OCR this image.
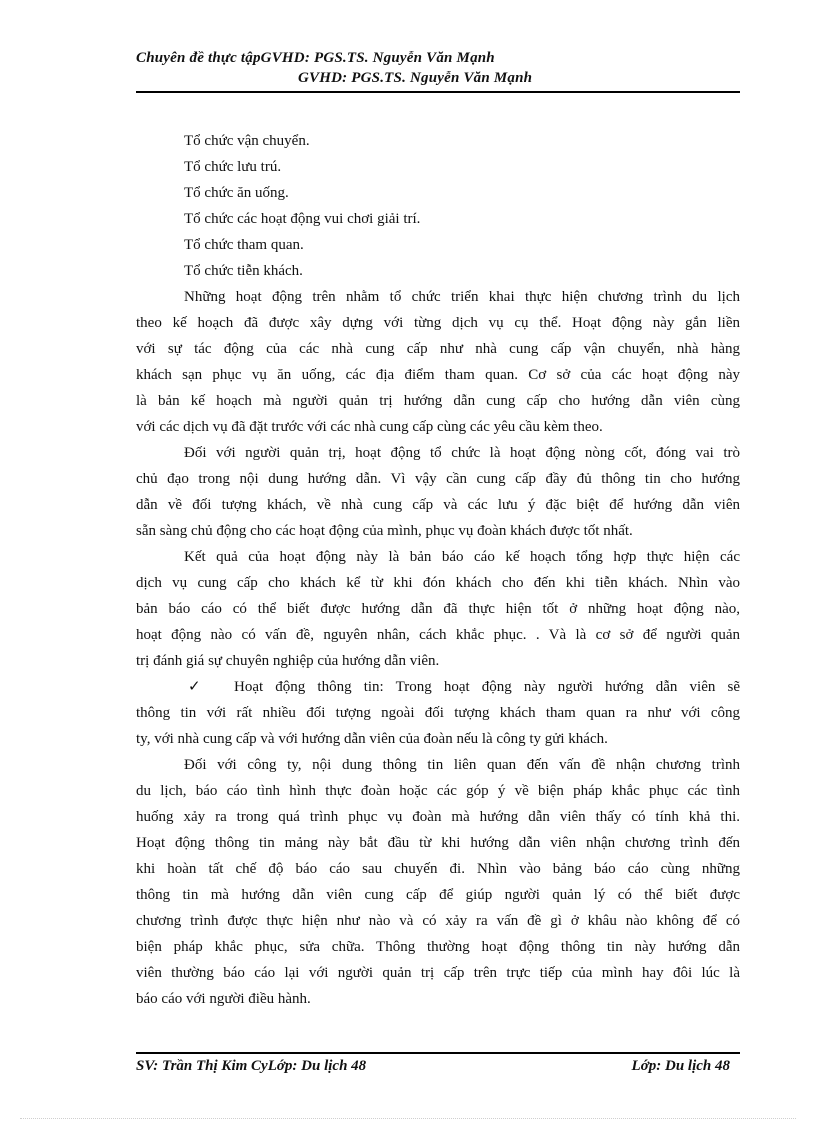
Chuyên đề thực tậpGVHD: PGS.TS. Nguyễn Văn Mạnh
GVHD: PGS.TS. Nguyễn Văn Mạnh
Tổ chức vận chuyển.
Tổ chức lưu trú.
Tổ chức ăn uống.
Tổ chức các hoạt động vui chơi giải trí.
Tổ chức tham quan.
Tổ chức tiễn khách.
Những hoạt động trên nhằm tổ chức triển khai thực hiện chương trình du lịch
theo kế hoạch đã được xây dựng với từng dịch vụ cụ thể. Hoạt động này gắn liền
với sự tác động của các nhà cung cấp như nhà cung cấp vận chuyển, nhà hàng
khách sạn phục vụ ăn uống, các địa điểm tham quan. Cơ sở của các hoạt động này
là bản kế hoạch mà người quản trị hướng dẫn cung cấp cho hướng dẫn viên cùng
với các dịch vụ đã đặt trước với các nhà cung cấp cùng các yêu cầu kèm theo.
Đối với người quản trị, hoạt động tổ chức là hoạt động nòng cốt, đóng vai trò
chủ đạo trong nội dung hướng dẫn. Vì vậy cần cung cấp đầy đủ thông tin cho hướng
dẫn về đối tượng khách, về nhà cung cấp và các lưu ý đặc biệt để hướng dẫn viên
sẵn sàng chủ động cho các hoạt động của mình, phục vụ đoàn khách được tốt nhất.
Kết quả của hoạt động này là bản báo cáo kế hoạch tổng hợp thực hiện các
dịch vụ cung cấp cho khách kể từ khi đón khách cho đến khi tiễn khách. Nhìn vào
bản báo cáo có thể biết được hướng dẫn đã thực hiện tốt ở những hoạt động nào,
hoạt động nào có vấn đề, nguyên nhân, cách khắc phục. . Và là cơ sở để người quản
trị đánh giá sự chuyên nghiệp của hướng dẫn viên.
✓ Hoạt động thông tin: Trong hoạt động này người hướng dẫn viên sẽ
thông tin với rất nhiều đối tượng ngoài đối tượng khách tham quan ra như với công
ty, với nhà cung cấp và với hướng dẫn viên của đoàn nếu là công ty gửi khách.
Đối với công ty, nội dung thông tin liên quan đến vấn đề nhận chương trình
du lịch, báo cáo tình hình thực đoàn hoặc các góp ý về biện pháp khắc phục các tình
huống xảy ra trong quá trình phục vụ đoàn mà hướng dẫn viên thấy có tính khả thi.
Hoạt động thông tin mảng này bắt đầu từ khi hướng dẫn viên nhận chương trình đến
khi hoàn tất chế độ báo cáo sau chuyến đi. Nhìn vào bảng báo cáo cùng những
thông tin mà hướng dẫn viên cung cấp để giúp người quản lý có thể biết được
chương trình được thực hiện như nào và có xảy ra vấn đề gì ở khâu nào không để có
biện pháp khắc phục, sửa chữa. Thông thường hoạt động thông tin này hướng dẫn
viên thường báo cáo lại với người quản trị cấp trên trực tiếp của mình hay đôi lúc là
báo cáo với người điều hành.
SV: Trần Thị Kim CyLớp: Du lịch 48	Lớp: Du lịch 48
